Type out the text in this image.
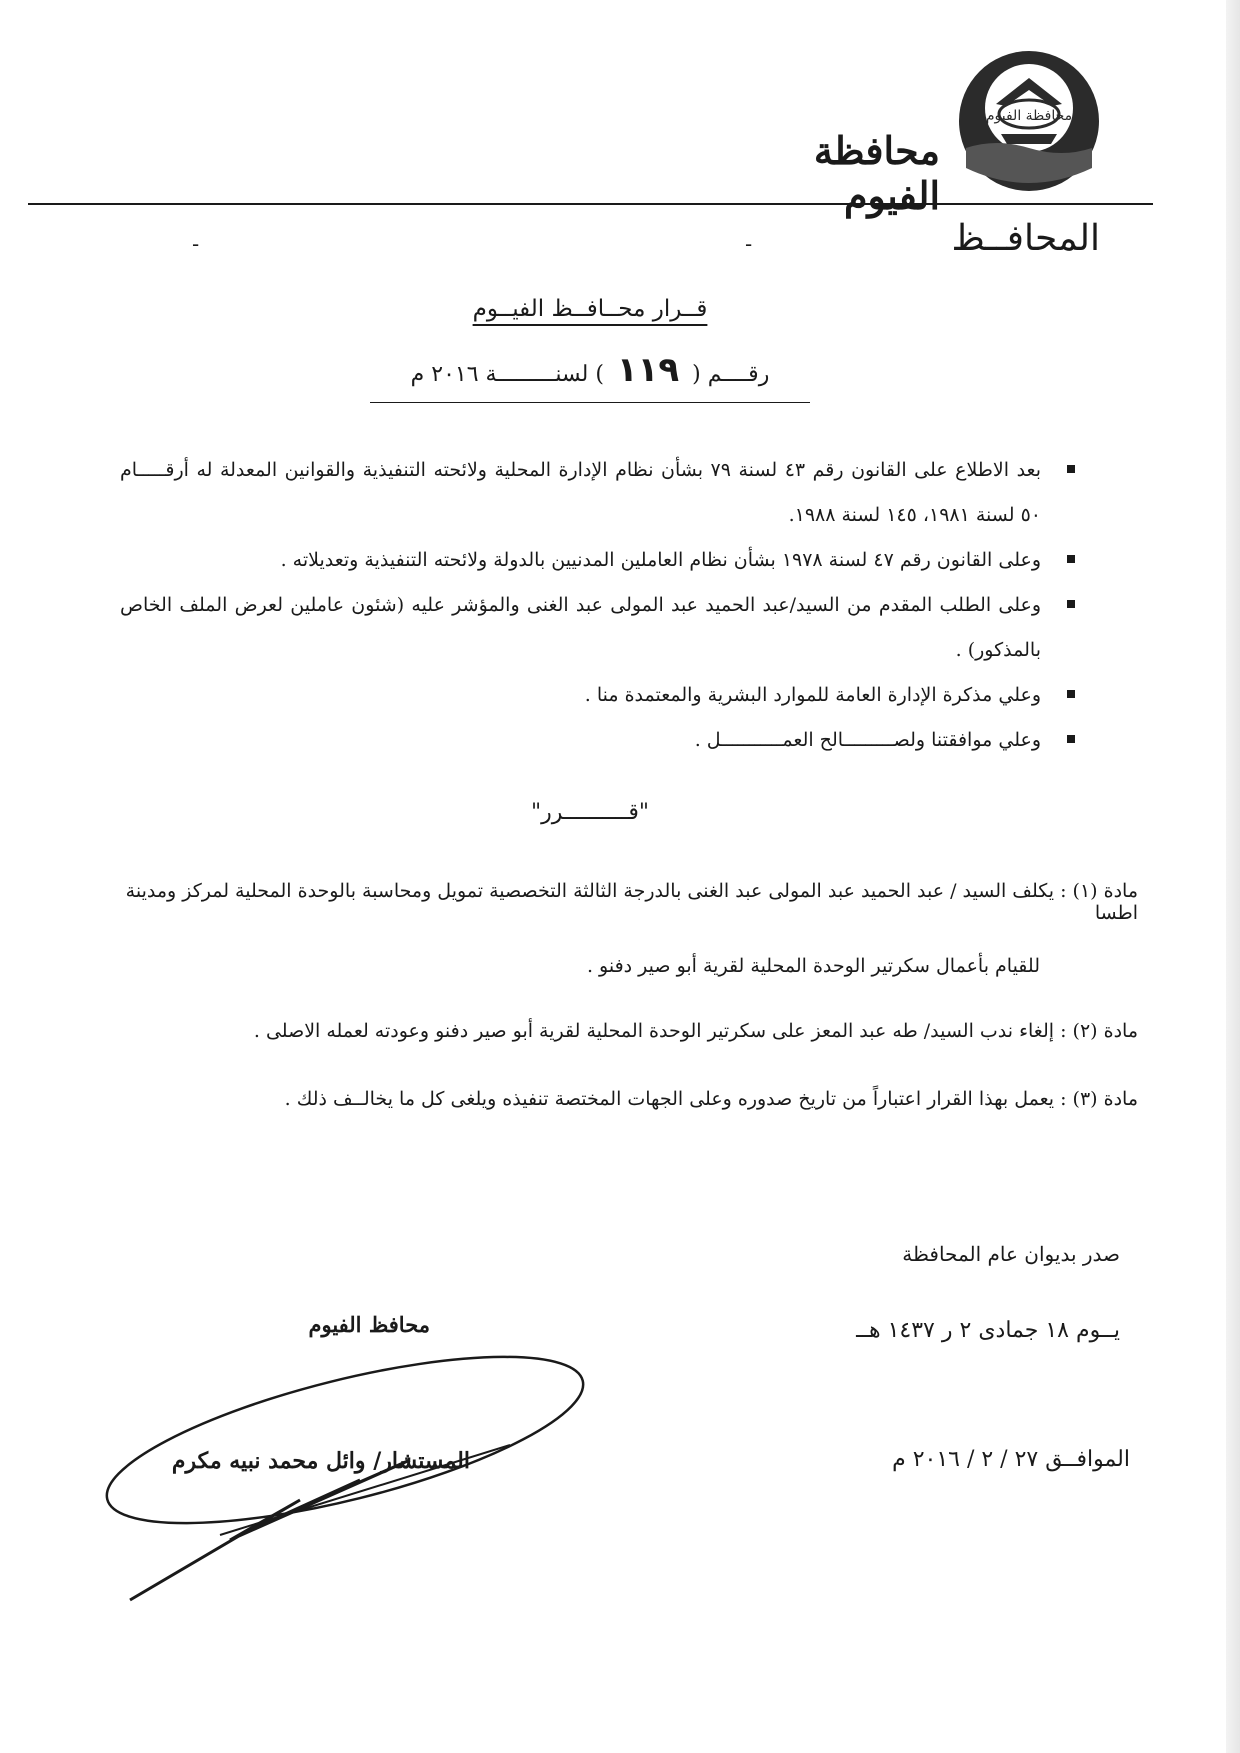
محافظة الفيوم
محافظة الفيوم
المحافــظ
-
-
قــرار محــافــظ الفيــوم
رقــــم ( ١١٩ ) لسنـــــــــة ٢٠١٦ م
بعد الاطلاع على القانون رقم ٤٣ لسنة ٧٩ بشأن نظام الإدارة المحلية ولائحته التنفيذية والقوانين المعدلة له أرقـــــام ٥٠ لسنة ١٩٨١، ١٤٥ لسنة ١٩٨٨.
وعلى القانون رقم ٤٧ لسنة ١٩٧٨ بشأن نظام العاملين المدنيين بالدولة ولائحته التنفيذية وتعديلاته .
وعلى الطلب المقدم من السيد/عبد الحميد عبد المولى عبد الغنى والمؤشر عليه (شئون عاملين لعرض الملف الخاص بالمذكور) .
وعلي مذكرة الإدارة العامة للموارد البشرية والمعتمدة منا .
وعلي موافقتنا ولصـــــــــالح العمـــــــــــل .
"قــــــــــرر"
مادة (١) : يكلف السيد / عبد الحميد عبد المولى عبد الغنى بالدرجة الثالثة التخصصية تمويل ومحاسبة بالوحدة المحلية لمركز ومدينة اطسا
للقيام بأعمال سكرتير الوحدة المحلية لقرية أبو صير دفنو .
مادة (٢) : إلغاء ندب السيد/ طه عبد المعز على سكرتير الوحدة المحلية لقرية أبو صير دفنو وعودته لعمله الاصلى .
مادة (٣) : يعمل بهذا القرار اعتباراً من تاريخ صدوره وعلى الجهات المختصة تنفيذه ويلغى كل ما يخالــف ذلك .
صدر بديوان عام المحافظة
يــوم ١٨ جمادى ٢ ر ١٤٣٧ هــ
الموافــق ٢٧ / ٢ / ٢٠١٦ م
محافظ الفيوم
المستشار/ وائل محمد نبيه مكرم
